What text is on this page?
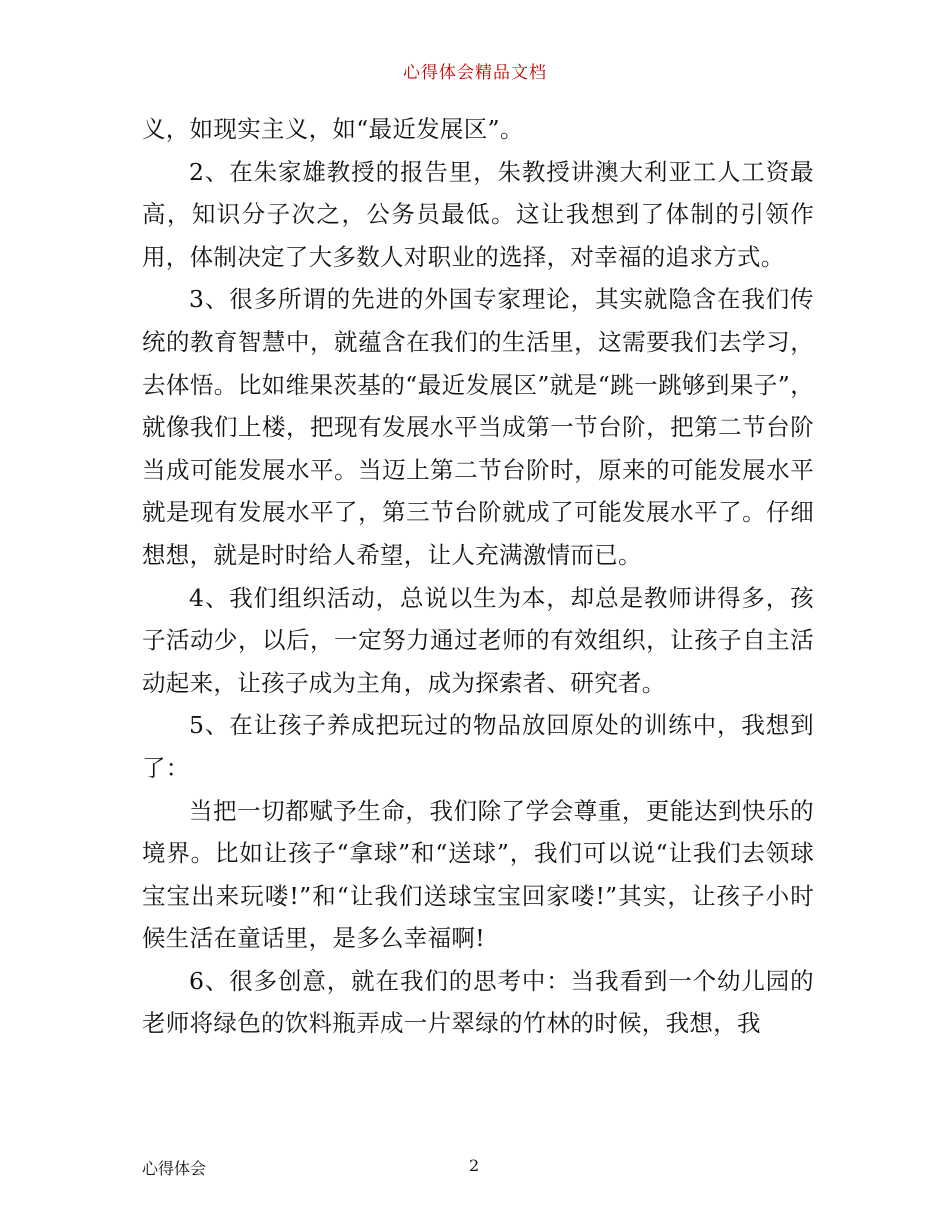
心得体会精品文档

义，如现实主义，如“最近发展区”。

2、在朱家雄教授的报告里，朱教授讲澳大利亚工人工资最高，知识分子次之，公务员最低。这让我想到了体制的引领作用，体制决定了大多数人对职业的选择，对幸福的追求方式。

3、很多所谓的先进的外国专家理论，其实就隐含在我们传统的教育智慧中，就蕴含在我们的生活里，这需要我们去学习，去体悟。比如维果茨基的“最近发展区”就是“跳一跳够到果子”，就像我们上楼，把现有发展水平当成第一节台阶，把第二节台阶当成可能发展水平。当迈上第二节台阶时，原来的可能发展水平就是现有发展水平了，第三节台阶就成了可能发展水平了。仔细想想，就是时时给人希望，让人充满激情而已。

4、我们组织活动，总说以生为本，却总是教师讲得多，孩子活动少，以后，一定努力通过老师的有效组织，让孩子自主活动起来，让孩子成为主角，成为探索者、研究者。

5、在让孩子养成把玩过的物品放回原处的训练中，我想到了：

当把一切都赋予生命，我们除了学会尊重，更能达到快乐的境界。比如让孩子“拿球”和“送球”，我们可以说“让我们去领球宝宝出来玩喽!”和“让我们送球宝宝回家喽!”其实，让孩子小时候生活在童话里，是多么幸福啊!

6、很多创意，就在我们的思考中：当我看到一个幼儿园的老师将绿色的饮料瓶弄成一片翠绿的竹林的时候，我想，我

心得体会	2
